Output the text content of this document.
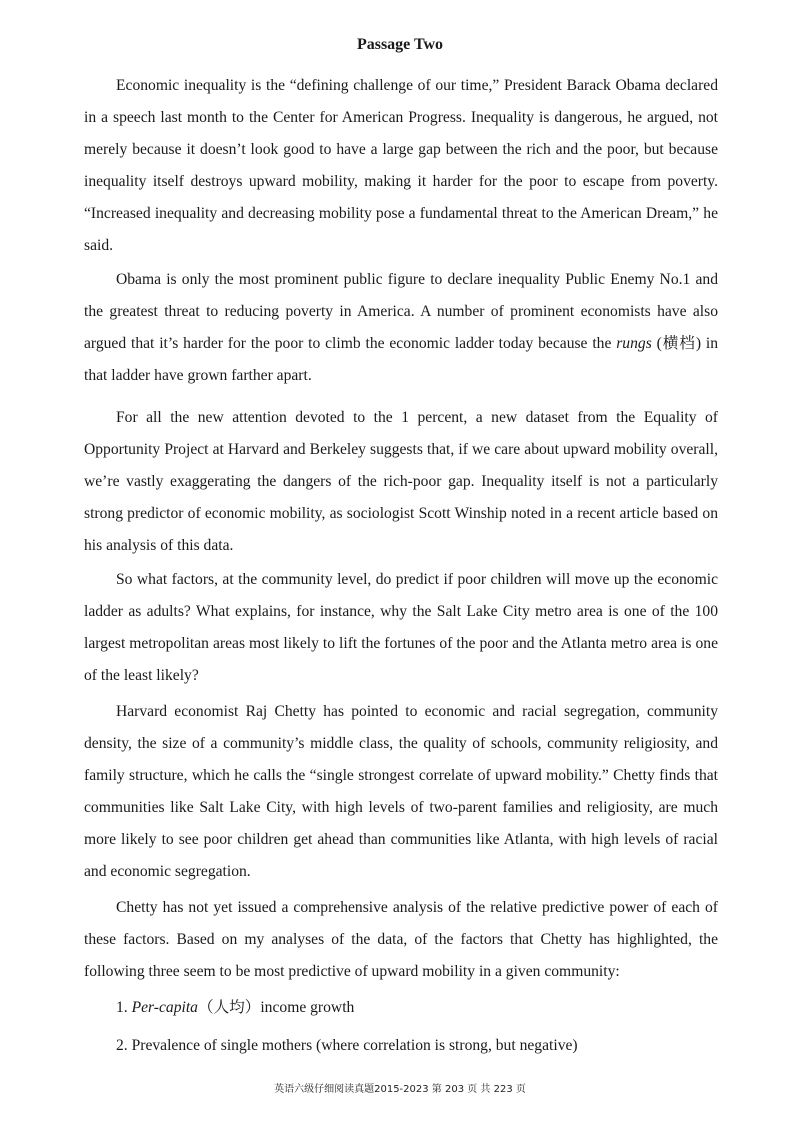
Passage Two

Economic inequality is the “defining challenge of our time,” President Barack Obama declared in a speech last month to the Center for American Progress. Inequality is dangerous, he argued, not merely because it doesn’t look good to have a large gap between the rich and the poor, but because inequality itself destroys upward mobility, making it harder for the poor to escape from poverty. “Increased inequality and decreasing mobility pose a fundamental threat to the American Dream,” he said.

Obama is only the most prominent public figure to declare inequality Public Enemy No.1 and the greatest threat to reducing poverty in America. A number of prominent economists have also argued that it’s harder for the poor to climb the economic ladder today because the rungs (横档) in that ladder have grown farther apart.

For all the new attention devoted to the 1 percent, a new dataset from the Equality of Opportunity Project at Harvard and Berkeley suggests that, if we care about upward mobility overall, we’re vastly exaggerating the dangers of the rich-poor gap. Inequality itself is not a particularly strong predictor of economic mobility, as sociologist Scott Winship noted in a recent article based on his analysis of this data.

So what factors, at the community level, do predict if poor children will move up the economic ladder as adults? What explains, for instance, why the Salt Lake City metro area is one of the 100 largest metropolitan areas most likely to lift the fortunes of the poor and the Atlanta metro area is one of the least likely?

Harvard economist Raj Chetty has pointed to economic and racial segregation, community density, the size of a community’s middle class, the quality of schools, community religiosity, and family structure, which he calls the “single strongest correlate of upward mobility.” Chetty finds that communities like Salt Lake City, with high levels of two-parent families and religiosity, are much more likely to see poor children get ahead than communities like Atlanta, with high levels of racial and economic segregation.

Chetty has not yet issued a comprehensive analysis of the relative predictive power of each of these factors. Based on my analyses of the data, of the factors that Chetty has highlighted, the following three seem to be most predictive of upward mobility in a given community:

1. Per-capita（人均）income growth

2. Prevalence of single mothers (where correlation is strong, but negative)

英语六级仔细阅读真题2015-2023 第 203 页 共 223 页
